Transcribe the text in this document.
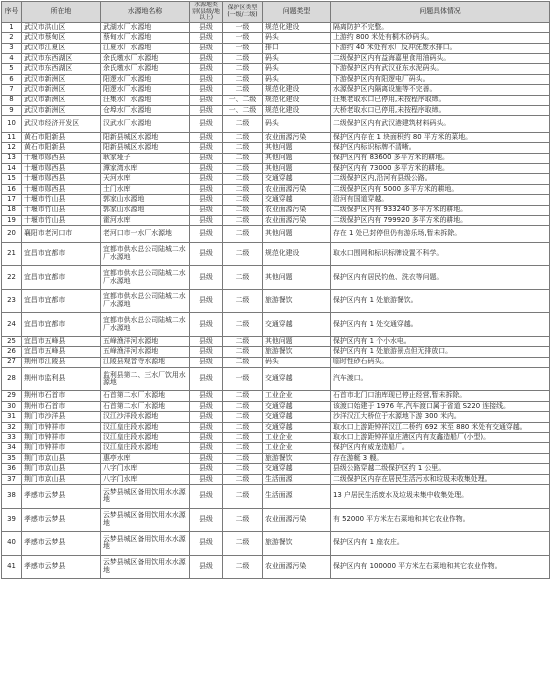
序号	所在地	水源地名称	水源地类别(县级/地以上)	保护区类型(一级/二级)	问题类型	问题具体情况
1	武汉市洪山区	武湖水厂水源地	县级	一级	规范化建设	隔离防护不完整。
2	武汉市蔡甸区	蔡甸水厂水源地	县级	一级	码头	上游约 800 米处有桐木砂码头。
3	武汉市江夏区	江夏水厂水源地	县级	一级	排口	下游约 40 米处有水厂反冲洗废水排口。
4	武汉市东西湖区	余氏墩水厂水源地	县级	二级	码头	二级保护区内有益海嘉里食用油码头。
5	武汉市东西湖区	余氏墩水厂水源地	县级	二级	码头	下游保护区内有武汉亚东水泥码头。
6	武汉市新洲区	阳逻水厂水源地	县级	二级	码头	下游保护区内有阳逻电厂码头。
7	武汉市新洲区	阳逻水厂水源地	县级	二级	规范化建设	水源保护区内隔离设施等不完善。
8	武汉市新洲区	汪集水厂水源地	县级	一、二级	规范化建设	汪集老取水口已停用,未按程序取缔。
9	武汉市新洲区	仓埠水厂水源地	县级	一、二级	规范化建设	大桥老取水口已停用,未按程序取缔。
10	武汉市经济开发区	汉武水厂水源地	县级	二级	码头	二级保护区内有武汉港建筑材料码头。
11	黄石市阳新县	阳新县城区水源地	县级	二级	农业面源污染	保护区内存在 1 块面积约 80 平方米的菜地。
12	黄石市阳新县	阳新县城区水源地	县级	二级	其他问题	保护区内标识标牌不清晰。
13	十堰市郧西县	耿家垭子	县级	二级	其他问题	保护区内有 83600 多平方米的耕地。
14	十堰市郧西县	潭家湾水库	县级	二级	其他问题	保护区内有 73000 多平方米的耕地。
15	十堰市郧西县	天河水库	县级	二级	交通穿越	二级保护区内,沿河有县级公路。
16	十堰市郧西县	土门水库	县级	二级	农业面源污染	二级保护区内有 5000 多平方米的耕地。
17	十堰市竹山县	郭家山水源地	县级	二级	交通穿越	沿河有国道穿越。
18	十堰市竹山县	郭家山水源地	县级	二级	农业面源污染	二级保护区内有 933240 多平方米的耕地。
19	十堰市竹山县	霍河水库	县级	二级	农业面源污染	二级保护区内有 799920 多平方米的耕地。
20	襄阳市老河口市	老河口市一水厂水源地	县级	二级	其他问题	存在 1 处已封停但仍有游乐场,暂未拆除。
21	宜昌市宜都市	宜都市供水总公司陆城二水厂水源地	县级	二级	规范化建设	取水口围网和标识标牌设置不科学。
22	宜昌市宜都市	宜都市供水总公司陆城二水厂水源地	县级	二级	其他问题	保护区内有居民钓鱼、洗衣等问题。
23	宜昌市宜都市	宜都市供水总公司陆城二水厂水源地	县级	二级	旅游餐饮	保护区内有 1 处旅游餐饮。
24	宜昌市宜都市	宜都市供水总公司陆城二水厂水源地	县级	二级	交通穿越	保护区内有 1 处交通穿越。
25	宜昌市五峰县	五峰渔洋河水源地	县级	二级	其他问题	保护区内有 1 个小水电。
26	宜昌市五峰县	五峰渔洋河水源地	县级	二级	旅游餐饮	保护区内有 1 处旅游景点但无排放口。
27	荆州市江陵县	江陵县观音寺水源地	县级	二级	码头	临时性砂石码头。
28	荆州市监利县	监利县第二、三水厂饮用水源地	县级	一级	交通穿越	汽车渡口。
29	荆州市石首市	石首第二水厂水源地	县级	二级	工业企业	石首市北门口油库现已停止经营,暂未拆除。
30	荆州市石首市	石首第二水厂水源地	县级	二级	交通穿越	该渡口始建于 1976 年,汽车渡口属于省道 S220 连接线。
31	荆门市沙洋县	汉江沙洋段水源地	县级	二级	交通穿越	沙洋汉江大桥位于水源地下游 300 米内。
32	荆门市钟祥市	汉江皇庄段水源地	县级	二级	交通穿越	取水口上游距钟祥汉江二桥约 692 米至 880 米处有交通穿越。
33	荆门市钟祥市	汉江皇庄段水源地	县级	二级	工业企业	取水口上游距钟祥皇庄港区内有友鑫造船厂(小型)。
34	荆门市钟祥市	汉江皇庄段水源地	县级	二级	工业企业	保护区内有威龙造船厂。
35	荆门市京山县	惠亭水库	县级	二级	旅游餐饮	存在游艇 3 艘。
36	荆门市京山县	八字门水库	县级	二级	交通穿越	县级公路穿越二级保护区约 1 公里。
37	荆门市京山县	八字门水库	县级	二级	生活面源	二级保护区内存在居民生活污水和垃圾未收集处理。
38	孝感市云梦县	云梦县城区备用饮用水水源地	县级	二级	生活面源	13 户居民生活废水及垃圾未集中收集处理。
39	孝感市云梦县	云梦县城区备用饮用水水源地	县级	二级	农业面源污染	有 52000 平方米左右菜地和其它农业作物。
40	孝感市云梦县	云梦县城区备用饮用水水源地	县级	二级	旅游餐饮	保护区内有 1 座农庄。
41	孝感市云梦县	云梦县城区备用饮用水水源地	县级	二级	农业面源污染	保护区内有 100000 平方米左右菜地和其它农业作物。
